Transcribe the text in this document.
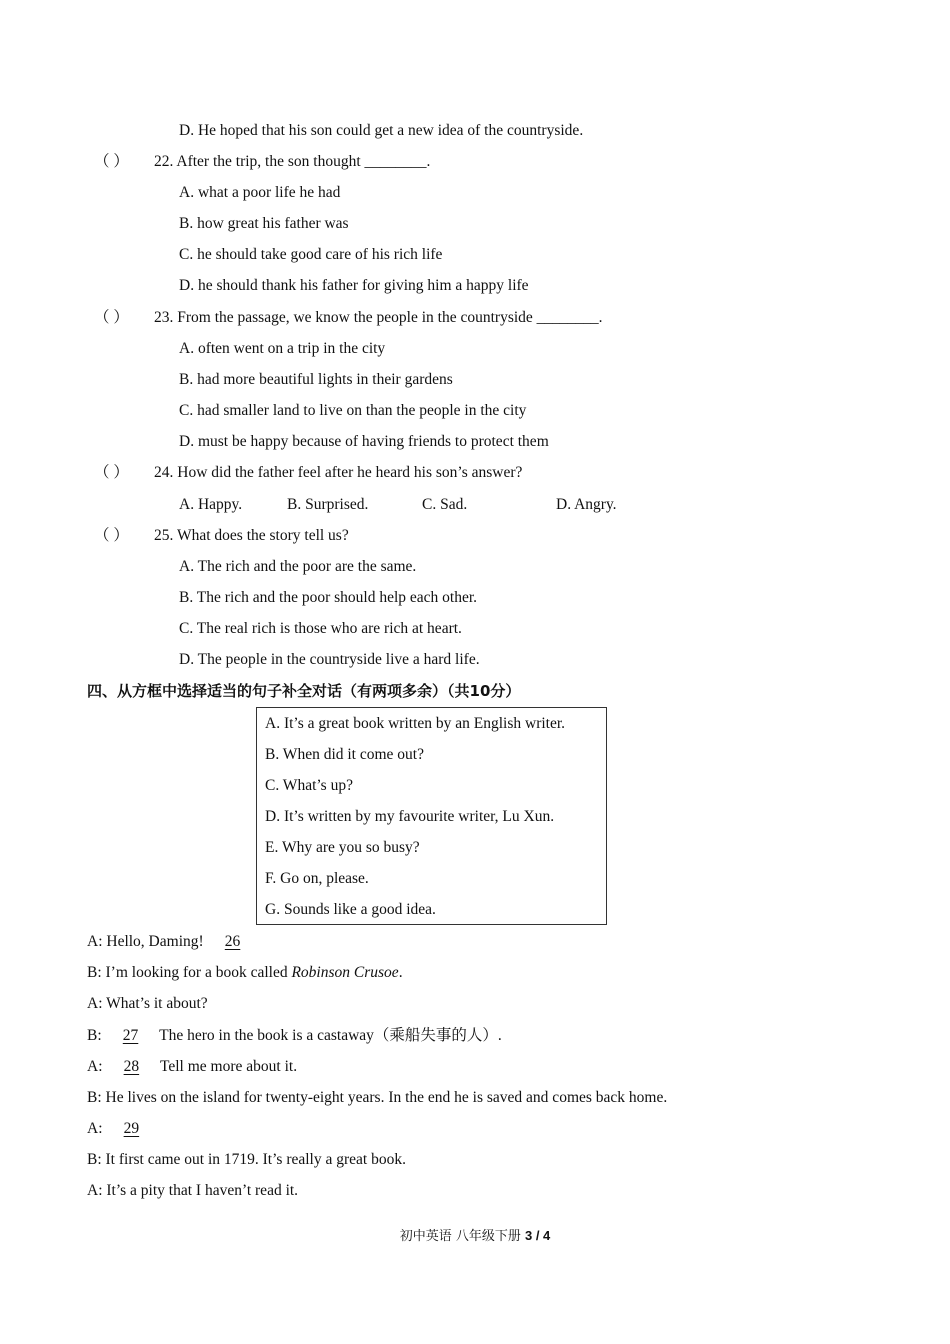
D. He hoped that his son could get a new idea of the countryside.
（ ） 22. After the trip, the son thought ________.
A. what a poor life he had
B. how great his father was
C. he should take good care of his rich life
D. he should thank his father for giving him a happy life
（ ） 23. From the passage, we know the people in the countryside ________.
A. often went on a trip in the city
B. had more beautiful lights in their gardens
C. had smaller land to live on than the people in the city
D. must be happy because of having friends to protect them
（ ） 24. How did the father feel after he heard his son’s answer?
A. Happy.	B. Surprised.	C. Sad.	D. Angry.
（ ） 25. What does the story tell us?
A. The rich and the poor are the same.
B. The rich and the poor should help each other.
C. The real rich is those who are rich at heart.
D. The people in the countryside live a hard life.
四、从方框中选择适当的句子补全对话（有两项多余）（共10分）
A. It’s a great book written by an English writer.
B. When did it come out?
C. What’s up?
D. It’s written by my favourite writer, Lu Xun.
E. Why are you so busy?
F. Go on, please.
G. Sounds like a good idea.
A: Hello, Daming! 26
B: I’m looking for a book called Robinson Crusoe.
A: What’s it about?
B: 27 The hero in the book is a castaway（乘船失事的人）.
A: 28 Tell me more about it.
B: He lives on the island for twenty-eight years. In the end he is saved and comes back home.
A: 29
B: It first came out in 1719. It’s really a great book.
A: It’s a pity that I haven’t read it.
初中英语 八年级下册 3 / 4
